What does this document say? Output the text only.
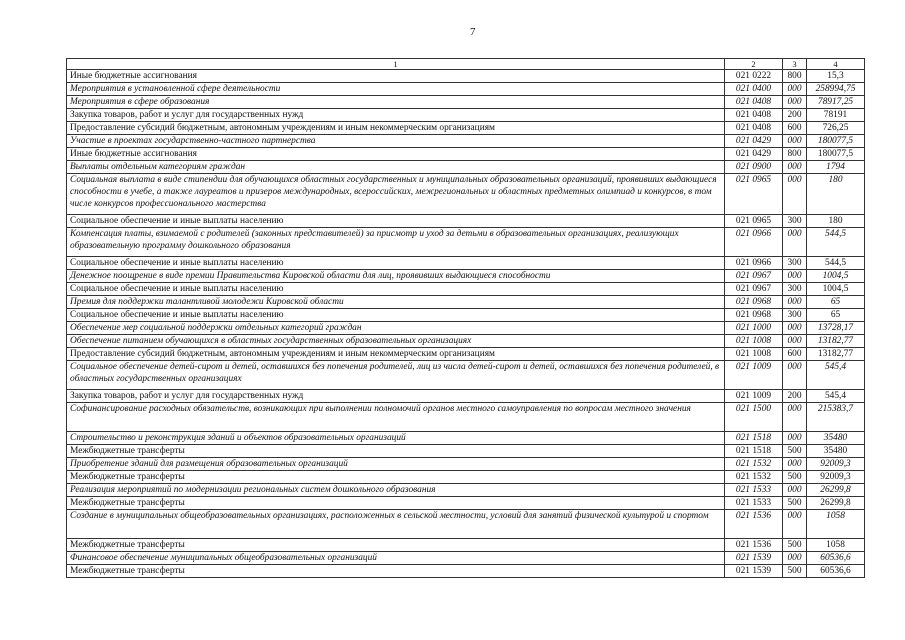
7
1	2	3	4
Иные бюджетные ассигнования	021 0222	800	15,3
Мероприятия в установленной сфере деятельности	021 0400	000	258994,75
Мероприятия в сфере образования	021 0408	000	78917,25
Закупка товаров, работ и услуг для государственных нужд	021 0408	200	78191
Предоставление субсидий бюджетным, автономным учреждениям и иным некоммерческим организациям	021 0408	600	726,25
Участие в проектах государственно-частного партнерства	021 0429	000	180077,5
Иные бюджетные ассигнования	021 0429	800	180077,5
Выплаты отдельным категориям граждан	021 0900	000	1794
Социальная выплата в виде стипендии для обучающихся областных государственных и муниципальных образовательных организаций, проявивших выдающиеся способности в учебе, а также лауреатов и призеров международных, всероссийских, межрегиональных и областных предметных олимпиад и конкурсов, в том числе конкурсов профессионального мастерства	021 0965	000	180
Социальное обеспечение и иные выплаты населению	021 0965	300	180
Компенсация платы, взимаемой с родителей (законных представителей) за присмотр и уход за детьми в образовательных организациях, реализующих образовательную программу дошкольного образования	021 0966	000	544,5
Социальное обеспечение и иные выплаты населению	021 0966	300	544,5
Денежное поощрение в виде премии Правительства Кировской области для лиц, проявивших выдающиеся способности	021 0967	000	1004,5
Социальное обеспечение и иные выплаты населению	021 0967	300	1004,5
Премия для поддержки талантливой молодежи Кировской области	021 0968	000	65
Социальное обеспечение и иные выплаты населению	021 0968	300	65
Обеспечение мер социальной поддержки отдельных категорий граждан	021 1000	000	13728,17
Обеспечение питанием обучающихся в областных государственных образовательных организациях	021 1008	000	13182,77
Предоставление субсидий бюджетным, автономным учреждениям и иным некоммерческим организациям	021 1008	600	13182,77
Социальное обеспечение детей-сирот и детей, оставшихся без попечения родителей, лиц из числа детей-сирот и детей, оставшихся без попечения родителей, в областных государственных организациях	021 1009	000	545,4
Закупка товаров, работ и услуг для государственных нужд	021 1009	200	545,4
Софинансирование расходных обязательств, возникающих при выполнении полномочий органов местного самоуправления по вопросам местного значения	021 1500	000	215383,7
Строительство и реконструкция зданий и объектов образовательных организаций	021 1518	000	35480
Межбюджетные трансферты	021 1518	500	35480
Приобретение зданий для размещения образовательных организаций	021 1532	000	92009,3
Межбюджетные трансферты	021 1532	500	92009,3
Реализация мероприятий по модернизации региональных систем дошкольного образования	021 1533	000	26299,8
Межбюджетные трансферты	021 1533	500	26299,8
Создание в муниципальных общеобразовательных организациях, расположенных в сельской местности, условий для занятий физической культурой и спортом	021 1536	000	1058
Межбюджетные трансферты	021 1536	500	1058
Финансовое обеспечение муниципальных общеобразовательных организаций	021 1539	000	60536,6
Межбюджетные трансферты	021 1539	500	60536,6
